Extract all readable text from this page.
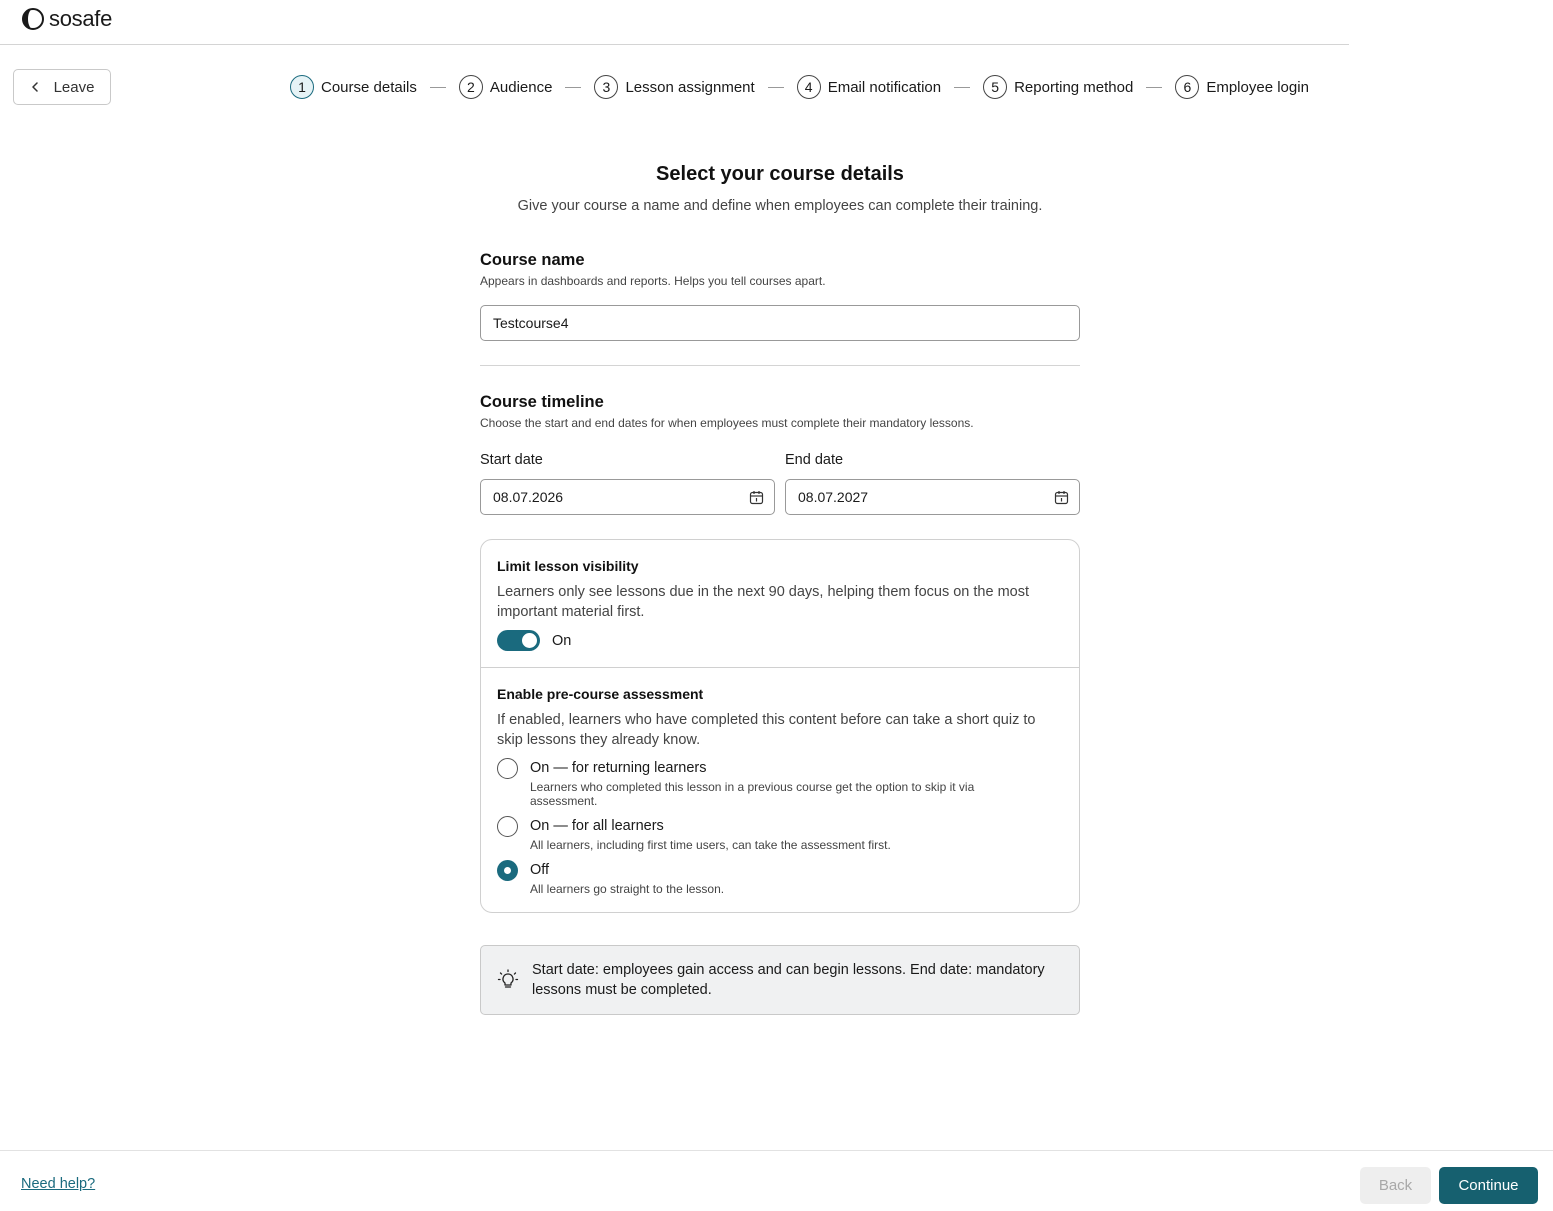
sosafe
Leave	1	Course details	2	Audience	3	Lesson assignment	4	Email notification	5	Reporting method	6	Employee login
Select your course details

Give your course a name and define when employees can complete their training.

Course name
Appears in dashboards and reports. Helps you tell courses apart.
Testcourse4
Course timeline
Choose the start and end dates for when employees must complete their mandatory lessons.
Start date
08.07.2026
End date
08.07.2027
Limit lesson visibility
Learners only see lessons due in the next 90 days, helping them focus on the most important material first.
On
Enable pre-course assessment
If enabled, learners who have completed this content before can take a short quiz to skip lessons they already know.
On — for returning learners
Learners who completed this lesson in a previous course get the option to skip it via assessment.
On — for all learners
All learners, including first time users, can take the assessment first.
Off
All learners go straight to the lesson.
Start date: employees gain access and can begin lessons. End date: mandatory lessons must be completed.
Need help?	Back	Continue
